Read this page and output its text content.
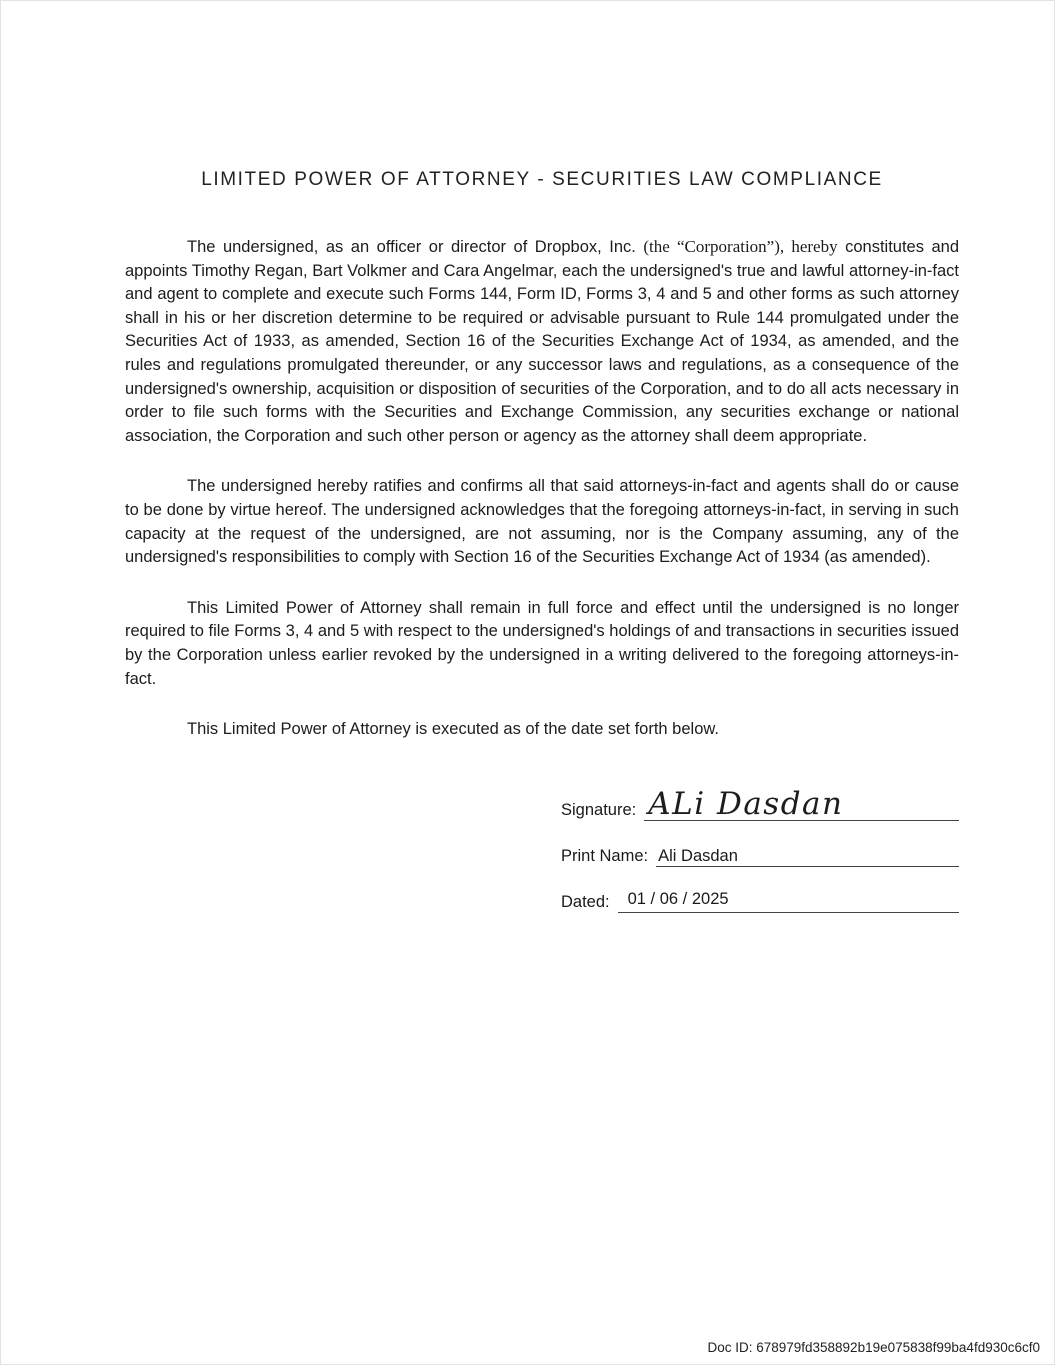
LIMITED POWER OF ATTORNEY - SECURITIES LAW COMPLIANCE

The undersigned, as an officer or director of Dropbox, Inc. (the “Corporation”), hereby constitutes and appoints Timothy Regan, Bart Volkmer and Cara Angelmar, each the undersigned's true and lawful attorney-in-fact and agent to complete and execute such Forms 144, Form ID, Forms 3, 4 and 5 and other forms as such attorney shall in his or her discretion determine to be required or advisable pursuant to Rule 144 promulgated under the Securities Act of 1933, as amended, Section 16 of the Securities Exchange Act of 1934, as amended, and the rules and regulations promulgated thereunder, or any successor laws and regulations, as a consequence of the undersigned's ownership, acquisition or disposition of securities of the Corporation, and to do all acts necessary in order to file such forms with the Securities and Exchange Commission, any securities exchange or national association, the Corporation and such other person or agency as the attorney shall deem appropriate.

The undersigned hereby ratifies and confirms all that said attorneys-in-fact and agents shall do or cause to be done by virtue hereof. The undersigned acknowledges that the foregoing attorneys-in-fact, in serving in such capacity at the request of the undersigned, are not assuming, nor is the Company assuming, any of the undersigned's responsibilities to comply with Section 16 of the Securities Exchange Act of 1934 (as amended).

This Limited Power of Attorney shall remain in full force and effect until the undersigned is no longer required to file Forms 3, 4 and 5 with respect to the undersigned's holdings of and transactions in securities issued by the Corporation unless earlier revoked by the undersigned in a writing delivered to the foregoing attorneys-in-fact.

This Limited Power of Attorney is executed as of the date set forth below.

Signature: ALi Dasdan
Print Name: Ali Dasdan
Dated:	01 / 06 / 2025
Doc ID: 678979fd358892b19e075838f99ba4fd930c6cf0
